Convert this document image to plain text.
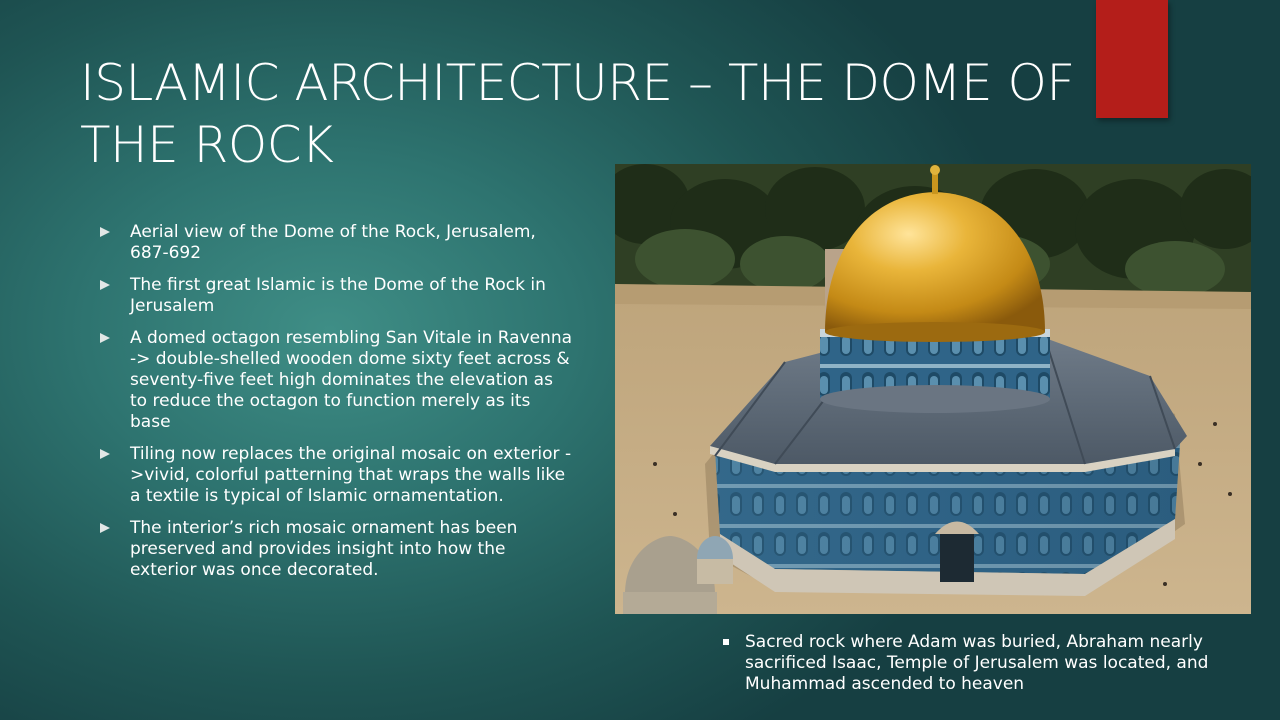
ISLAMIC ARCHITECTURE – THE DOME OF THE ROCK
Aerial view of the Dome of the Rock, Jerusalem, 687-692
The first great Islamic is the Dome of the Rock in Jerusalem
A domed octagon resembling San Vitale in Ravenna -> double-shelled wooden dome sixty feet across & seventy-five feet high dominates the elevation as to reduce the octagon to function merely as its base
Tiling now replaces the original mosaic on exterior ->vivid, colorful patterning that wraps the walls like a textile is typical of Islamic ornamentation.
The interior’s rich mosaic ornament has been preserved and provides insight into how the exterior was once decorated.
Sacred rock where Adam was buried, Abraham nearly sacrificed Isaac, Temple of Jerusalem was located, and Muhammad ascended to heaven
